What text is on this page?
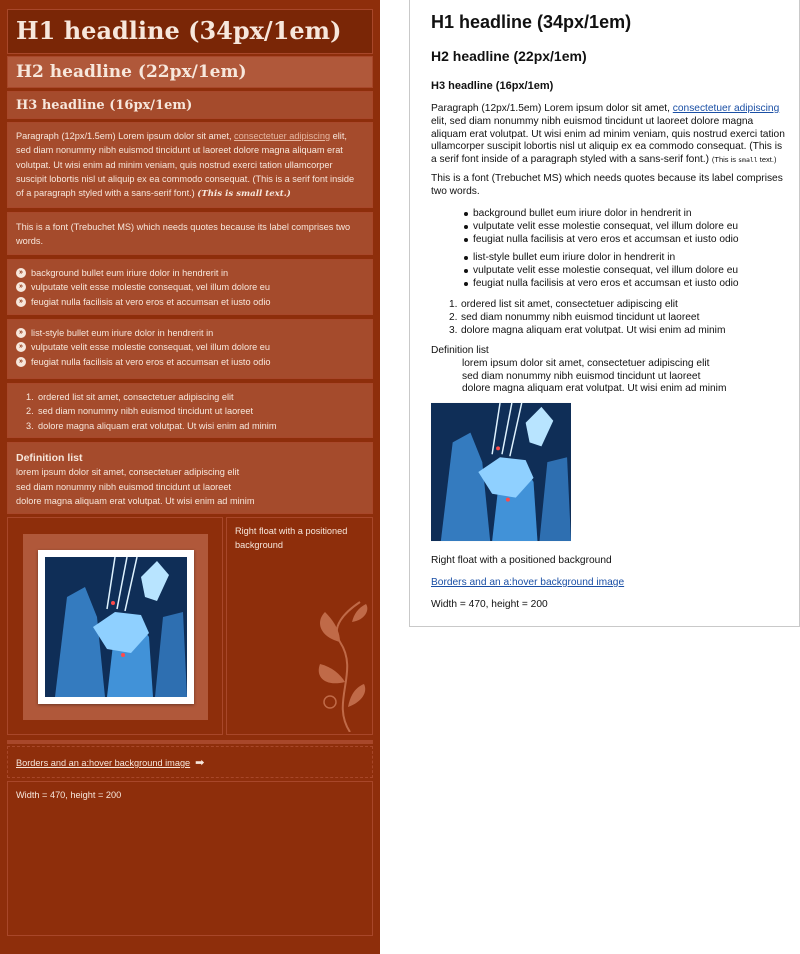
H1 headline (34px/1em)
H2 headline (22px/1em)
H3 headline (16px/1em)
Paragraph (12px/1.5em) Lorem ipsum dolor sit amet, consectetuer adipiscing elit, sed diam nonummy nibh euismod tincidunt ut laoreet dolore magna aliquam erat volutpat. Ut wisi enim ad minim veniam, quis nostrud exerci tation ullamcorper suscipit lobortis nisl ut aliquip ex ea commodo consequat. (This is a serif font inside of a paragraph styled with a sans-serif font.) (This is small text.)
This is a font (Trebuchet MS) which needs quotes because its label comprises two words.
» background bullet eum iriure dolor in hendrerit in
» vulputate velit esse molestie consequat, vel illum dolore eu
» feugiat nulla facilisis at vero eros et accumsan et iusto odio
» list-style bullet eum iriure dolor in hendrerit in
» vulputate velit esse molestie consequat, vel illum dolore eu
» feugiat nulla facilisis at vero eros et accumsan et iusto odio
1. ordered list sit amet, consectetuer adipiscing elit
2. sed diam nonummy nibh euismod tincidunt ut laoreet
3. dolore magna aliquam erat volutpat. Ut wisi enim ad minim
Definition list
lorem ipsum dolor sit amet, consectetuer adipiscing elit
sed diam nonummy nibh euismod tincidunt ut laoreet
dolore magna aliquam erat volutpat. Ut wisi enim ad minim
Right float with a positioned background
Borders and an a:hover background image ➡
Width = 470, height = 200
H1 headline (34px/1em)
H2 headline (22px/1em)
H3 headline (16px/1em)
Paragraph (12px/1.5em) Lorem ipsum dolor sit amet, consectetuer adipiscing elit, sed diam nonummy nibh euismod tincidunt ut laoreet dolore magna aliquam erat volutpat. Ut wisi enim ad minim veniam, quis nostrud exerci tation ullamcorper suscipit lobortis nisl ut aliquip ex ea commodo consequat. (This is a serif font inside of a paragraph styled with a sans-serif font.) (This is small text.)
This is a font (Trebuchet MS) which needs quotes because its label comprises two words.
background bullet eum iriure dolor in hendrerit in
vulputate velit esse molestie consequat, vel illum dolore eu
feugiat nulla facilisis at vero eros et accumsan et iusto odio
list-style bullet eum iriure dolor in hendrerit in
vulputate velit esse molestie consequat, vel illum dolore eu
feugiat nulla facilisis at vero eros et accumsan et iusto odio
1. ordered list sit amet, consectetuer adipiscing elit
2. sed diam nonummy nibh euismod tincidunt ut laoreet
3. dolore magna aliquam erat volutpat. Ut wisi enim ad minim
Definition list
lorem ipsum dolor sit amet, consectetuer adipiscing elit
sed diam nonummy nibh euismod tincidunt ut laoreet
dolore magna aliquam erat volutpat. Ut wisi enim ad minim
Right float with a positioned background
Borders and an a:hover background image
Width = 470, height = 200
